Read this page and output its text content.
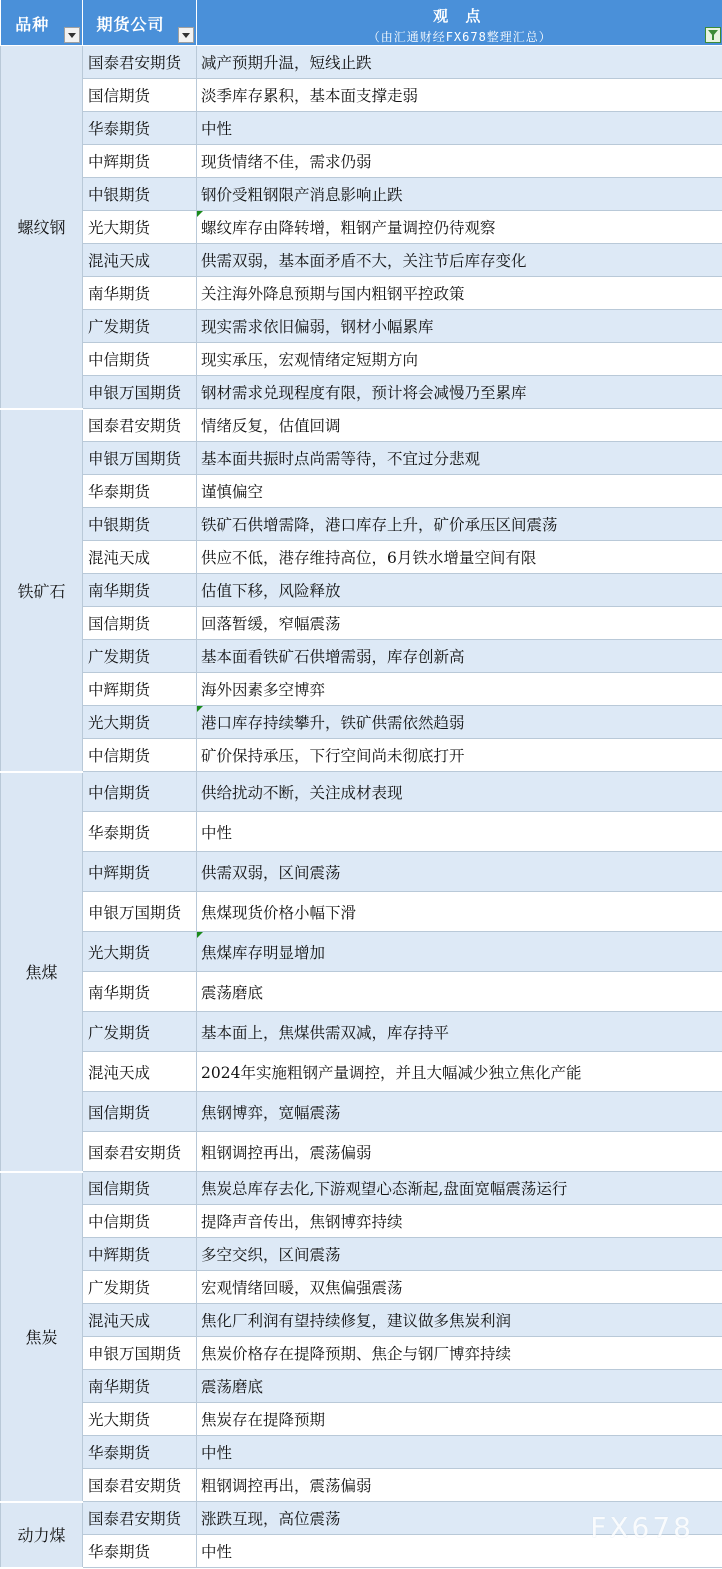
品种	期货公司	观 点
（由汇通财经FX678整理汇总）

螺纹钢	国泰君安期货	减产预期升温，短线止跌
	国信期货	淡季库存累积，基本面支撑走弱
	华泰期货	中性
	中辉期货	现货情绪不佳，需求仍弱
	中银期货	钢价受粗钢限产消息影响止跌
	光大期货	螺纹库存由降转增，粗钢产量调控仍待观察

	混沌天成	供需双弱，基本面矛盾不大，关注节后库存变化
	南华期货	关注海外降息预期与国内粗钢平控政策
	广发期货	现实需求依旧偏弱，钢材小幅累库
	中信期货	现实承压，宏观情绪定短期方向
	申银万国期货	钢材需求兑现程度有限，预计将会减慢乃至累库
铁矿石	国泰君安期货	情绪反复，估值回调
	申银万国期货	基本面共振时点尚需等待，不宜过分悲观
	华泰期货	谨慎偏空
	中银期货	铁矿石供增需降，港口库存上升，矿价承压区间震荡
	混沌天成	供应不低，港存维持高位，6月铁水增量空间有限
	南华期货	估值下移，风险释放
	国信期货	回落暂缓，窄幅震荡
	广发期货	基本面看铁矿石供增需弱，库存创新高
	中辉期货	海外因素多空博弈
	光大期货	港口库存持续攀升，铁矿供需依然趋弱

	中信期货	矿价保持承压，下行空间尚未彻底打开
焦煤	中信期货	供给扰动不断，关注成材表现
	华泰期货	中性
	中辉期货	供需双弱，区间震荡
	申银万国期货	焦煤现货价格小幅下滑
	光大期货	焦煤库存明显增加

	南华期货	震荡磨底
	广发期货	基本面上，焦煤供需双减，库存持平
	混沌天成	2024年实施粗钢产量调控，并且大幅减少独立焦化产能
	国信期货	焦钢博弈，宽幅震荡
	国泰君安期货	粗钢调控再出，震荡偏弱
焦炭	国信期货	焦炭总库存去化,下游观望心态渐起,盘面宽幅震荡运行
	中信期货	提降声音传出，焦钢博弈持续
	中辉期货	多空交织，区间震荡
	广发期货	宏观情绪回暖，双焦偏强震荡
	混沌天成	焦化厂利润有望持续修复，建议做多焦炭利润
	申银万国期货	焦炭价格存在提降预期、焦企与钢厂博弈持续
	南华期货	震荡磨底
	光大期货	焦炭存在提降预期
	华泰期货	中性
	国泰君安期货	粗钢调控再出，震荡偏弱
动力煤	国泰君安期货	涨跌互现，高位震荡
	华泰期货	中性
FX678
